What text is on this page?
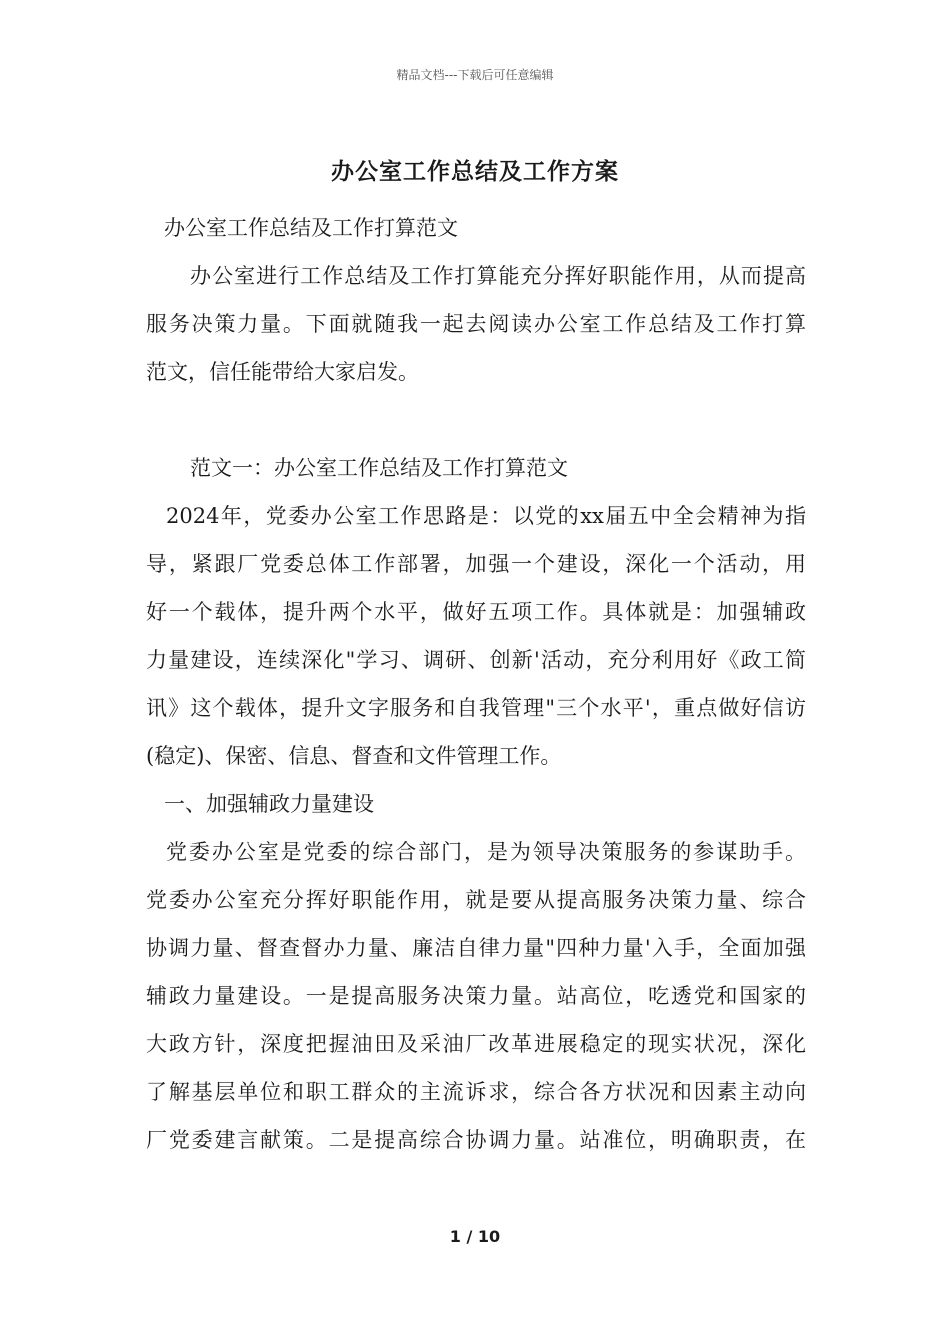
精品文档---下载后可任意编辑
办公室工作总结及工作方案
办公室工作总结及工作打算范文
办公室进行工作总结及工作打算能充分挥好职能作用，从而提高
服务决策力量。下面就随我一起去阅读办公室工作总结及工作打算
范文，信任能带给大家启发。
范文一：办公室工作总结及工作打算范文
2024年，党委办公室工作思路是：以党的xx届五中全会精神为指
导，紧跟厂党委总体工作部署，加强一个建设，深化一个活动，用
好一个载体，提升两个水平，做好五项工作。具体就是：加强辅政
力量建设，连续深化"学习、调研、创新'活动，充分利用好《政工简
讯》这个载体，提升文字服务和自我管理"三个水平'，重点做好信访
(稳定)、保密、信息、督查和文件管理工作。
一、加强辅政力量建设
党委办公室是党委的综合部门，是为领导决策服务的参谋助手。
党委办公室充分挥好职能作用，就是要从提高服务决策力量、综合
协调力量、督查督办力量、廉洁自律力量"四种力量'入手，全面加强
辅政力量建设。一是提高服务决策力量。站高位，吃透党和国家的
大政方针，深度把握油田及采油厂改革进展稳定的现实状况，深化
了解基层单位和职工群众的主流诉求，综合各方状况和因素主动向
厂党委建言献策。二是提高综合协调力量。站准位，明确职责，在
1 / 10
